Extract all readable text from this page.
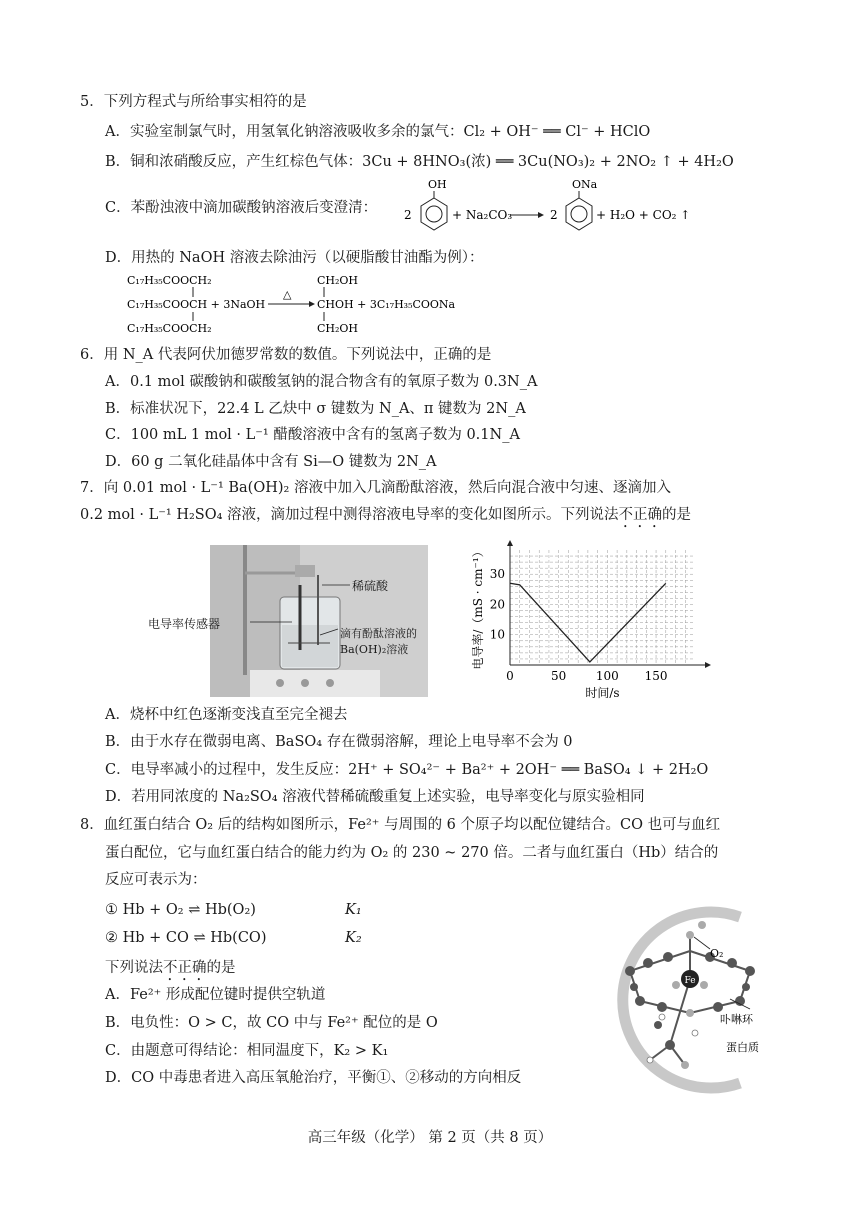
5．下列方程式与所给事实相符的是
A．实验室制氯气时，用氢氧化钠溶液吸收多余的氯气：Cl₂ + OH⁻ ══ Cl⁻ + HClO
B．铜和浓硝酸反应，产生红棕色气体：3Cu + 8HNO₃(浓) ══ 3Cu(NO₃)₂ + 2NO₂ ↑ + 4H₂O
C．苯酚浊液中滴加碳酸钠溶液后变澄清：
OH
2	+ Na₂CO₃	2
ONa
+ H₂O + CO₂ ↑
D．用热的 NaOH 溶液去除油污（以硬脂酸甘油酯为例）：
C₁₇H₃₅COOCH₂
C₁₇H₃₅COOCH + 3NaOH
C₁₇H₃₅COOCH₂
△
CH₂OH
CHOH + 3C₁₇H₃₅COONa
CH₂OH
6．用 N_A 代表阿伏加德罗常数的数值。下列说法中，正确的是
A．0.1 mol 碳酸钠和碳酸氢钠的混合物含有的氧原子数为 0.3N_A
B．标准状况下，22.4 L 乙炔中 σ 键数为 N_A、π 键数为 2N_A
C．100 mL 1 mol · L⁻¹ 醋酸溶液中含有的氢离子数为 0.1N_A
D．60 g 二氧化硅晶体中含有 Si—O 键数为 2N_A
7．向 0.01 mol · L⁻¹ Ba(OH)₂ 溶液中加入几滴酚酞溶液，然后向混合液中匀速、逐滴加入
0.2 mol · L⁻¹ H₂SO₄ 溶液，滴加过程中测得溶液电导率的变化如图所示。下列说法不正确的是
稀硫酸
滴有酚酞溶液的
Ba(OH)₂溶液
电导率传感器
0	50 100 150
10
20
30
时间/s
电导率/（mS · cm⁻¹）
A．烧杯中红色逐渐变浅直至完全褪去
B．由于水存在微弱电离、BaSO₄ 存在微弱溶解，理论上电导率不会为 0
C．电导率减小的过程中，发生反应：2H⁺ + SO₄²⁻ + Ba²⁺ + 2OH⁻ ══ BaSO₄ ↓ + 2H₂O
D．若用同浓度的 Na₂SO₄ 溶液代替稀硫酸重复上述实验，电导率变化与原实验相同
8．血红蛋白结合 O₂ 后的结构如图所示，Fe²⁺ 与周围的 6 个原子均以配位键结合。CO 也可与血红
蛋白配位，它与血红蛋白结合的能力约为 O₂ 的 230 ~ 270 倍。二者与血红蛋白（Hb）结合的
反应可表示为：
① Hb + O₂ ⇌ Hb(O₂)	K₁
② Hb + CO ⇌ Hb(CO)	K₂
下列说法不正确的是
A．Fe²⁺ 形成配位键时提供空轨道
B．电负性：O > C，故 CO 中与 Fe²⁺ 配位的是 O
C．由题意可得结论：相同温度下，K₂ > K₁
D．CO 中毒患者进入高压氧舱治疗，平衡①、②移动的方向相反
Fe
O₂
卟啉环
蛋白质
高三年级（化学） 第 2 页（共 8 页）
